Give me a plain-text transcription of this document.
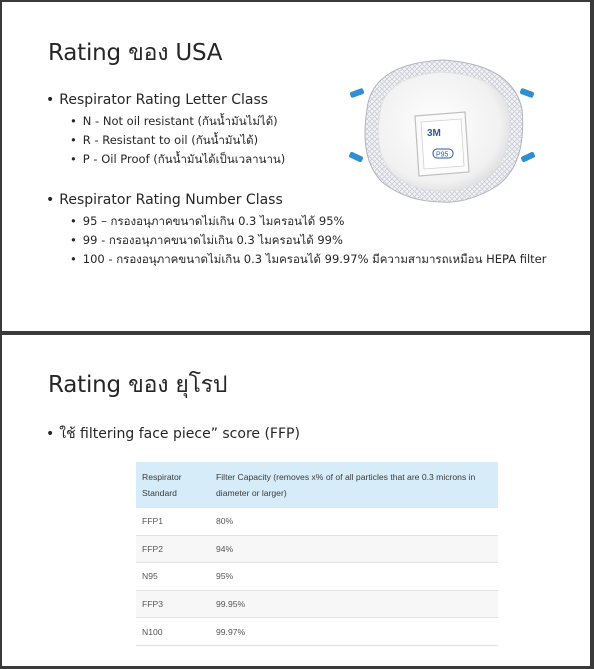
Rating ของ USA
• Respirator Rating Letter Class
• N - Not oil resistant (กันน้ำมันไม่ได้)
• R - Resistant to oil (กันน้ำมันได้)
• P - Oil Proof (กันน้ำมันได้เป็นเวลานาน)
• Respirator Rating Number Class
• 95 – กรองอนุภาคขนาดไม่เกิน 0.3 ไมครอนได้ 95%
• 99 - กรองอนุภาคขนาดไม่เกิน 0.3 ไมครอนได้ 99%
• 100 - กรองอนุภาคขนาดไม่เกิน 0.3 ไมครอนได้ 99.97% มีความสามารถเหมือน HEPA filter
3M
P95
Rating ของ ยุโรป
• ใช้ filtering face piece” score (FFP)
Respirator Standard	Filter Capacity (removes x% of of all particles that are 0.3 microns in diameter or larger)
FFP1	80%
FFP2	94%
N95	95%
FFP3	99.95%
N100	99.97%
